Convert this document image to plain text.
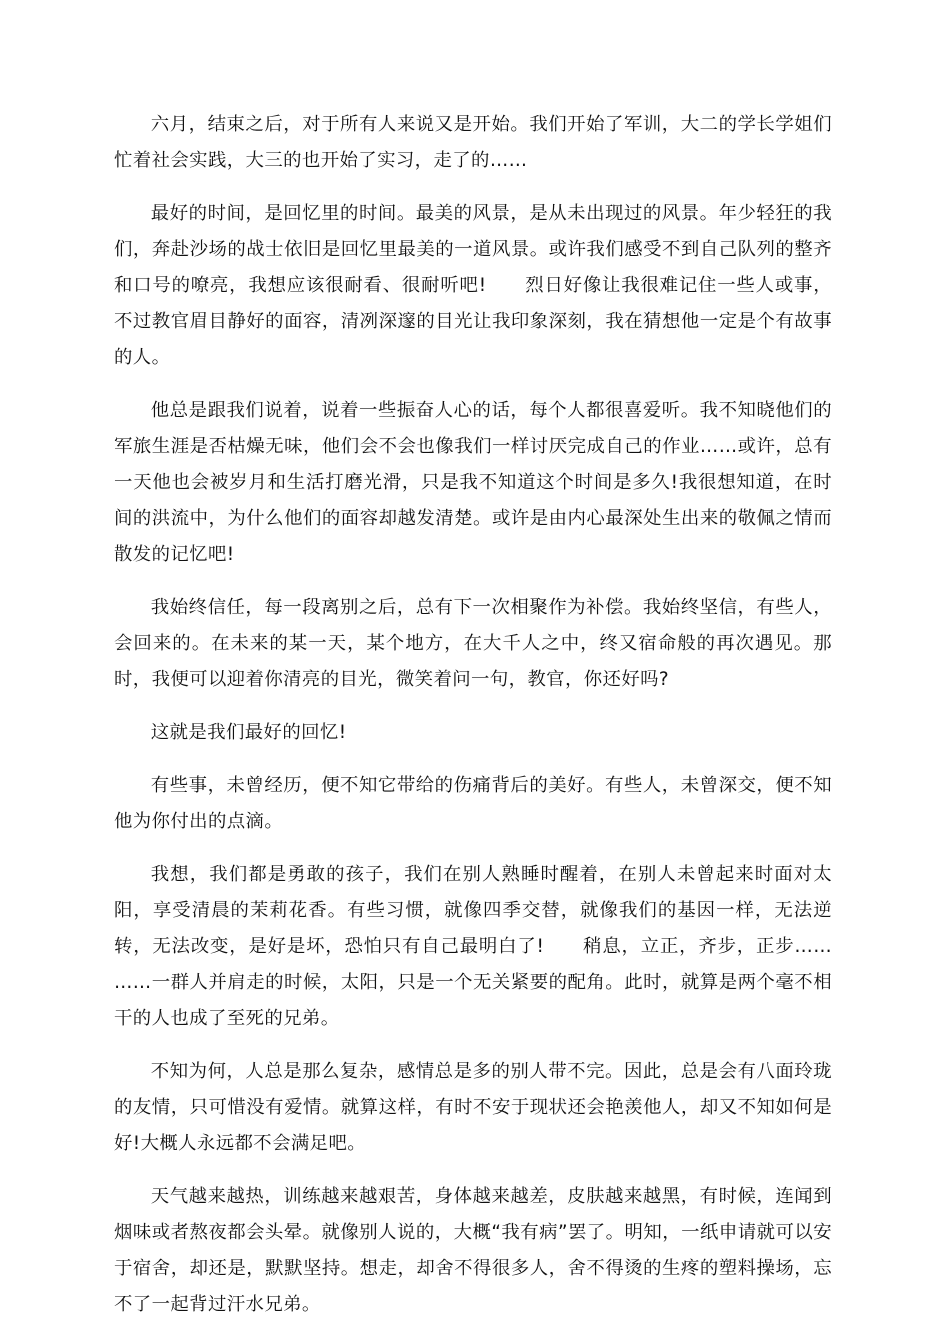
六月，结束之后，对于所有人来说又是开始。我们开始了军训，大二的学长学姐们忙着社会实践，大三的也开始了实习，走了的……

最好的时间，是回忆里的时间。最美的风景，是从未出现过的风景。年少轻狂的我们，奔赴沙场的战士依旧是回忆里最美的一道风景。或许我们感受不到自己队列的整齐和口号的嘹亮，我想应该很耐看、很耐听吧!　　烈日好像让我很难记住一些人或事，不过教官眉目静好的面容，清冽深邃的目光让我印象深刻，我在猜想他一定是个有故事的人。

他总是跟我们说着，说着一些振奋人心的话，每个人都很喜爱听。我不知晓他们的军旅生涯是否枯燥无味，他们会不会也像我们一样讨厌完成自己的作业……或许，总有一天他也会被岁月和生活打磨光滑，只是我不知道这个时间是多久!我很想知道，在时间的洪流中，为什么他们的面容却越发清楚。或许是由内心最深处生出来的敬佩之情而散发的记忆吧!

我始终信任，每一段离别之后，总有下一次相聚作为补偿。我始终坚信，有些人，会回来的。在未来的某一天，某个地方，在大千人之中，终又宿命般的再次遇见。那时，我便可以迎着你清亮的目光，微笑着问一句，教官，你还好吗?

这就是我们最好的回忆!

有些事，未曾经历，便不知它带给的伤痛背后的美好。有些人，未曾深交，便不知他为你付出的点滴。

我想，我们都是勇敢的孩子，我们在别人熟睡时醒着，在别人未曾起来时面对太阳，享受清晨的茉莉花香。有些习惯，就像四季交替，就像我们的基因一样，无法逆转，无法改变，是好是坏，恐怕只有自己最明白了!　　稍息，立正，齐步，正步……　　……一群人并肩走的时候，太阳，只是一个无关紧要的配角。此时，就算是两个毫不相干的人也成了至死的兄弟。

不知为何，人总是那么复杂，感情总是多的别人带不完。因此，总是会有八面玲珑的友情，只可惜没有爱情。就算这样，有时不安于现状还会艳羡他人，却又不知如何是好!大概人永远都不会满足吧。

天气越来越热，训练越来越艰苦，身体越来越差，皮肤越来越黑，有时候，连闻到烟味或者熬夜都会头晕。就像别人说的，大概“我有病”罢了。明知，一纸申请就可以安于宿舍，却还是，默默坚持。想走，却舍不得很多人，舍不得烫的生疼的塑料操场，忘不了一起背过汗水兄弟。
